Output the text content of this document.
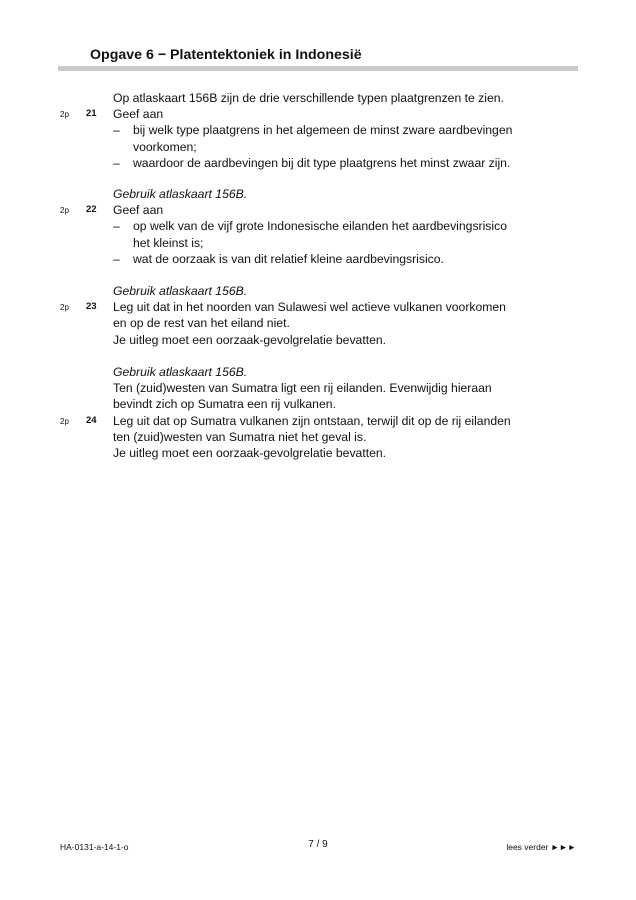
Opgave 6 − Platentektoniek in Indonesië
Op atlaskaart 156B zijn de drie verschillende typen plaatgrenzen te zien.
2p 21 Geef aan
– bij welk type plaatgrens in het algemeen de minst zware aardbevingen
voorkomen;
– waardoor de aardbevingen bij dit type plaatgrens het minst zwaar zijn.
Gebruik atlaskaart 156B.
2p 22 Geef aan
– op welk van de vijf grote Indonesische eilanden het aardbevingsrisico
het kleinst is;
– wat de oorzaak is van dit relatief kleine aardbevingsrisico.
Gebruik atlaskaart 156B.
2p 23 Leg uit dat in het noorden van Sulawesi wel actieve vulkanen voorkomen
en op de rest van het eiland niet.
Je uitleg moet een oorzaak-gevolgrelatie bevatten.
Gebruik atlaskaart 156B.
Ten (zuid)westen van Sumatra ligt een rij eilanden. Evenwijdig hieraan
bevindt zich op Sumatra een rij vulkanen.
2p 24 Leg uit dat op Sumatra vulkanen zijn ontstaan, terwijl dit op de rij eilanden
ten (zuid)westen van Sumatra niet het geval is.
Je uitleg moet een oorzaak-gevolgrelatie bevatten.
HA-0131-a-14-1-o	7 / 9	lees verder ►►►
